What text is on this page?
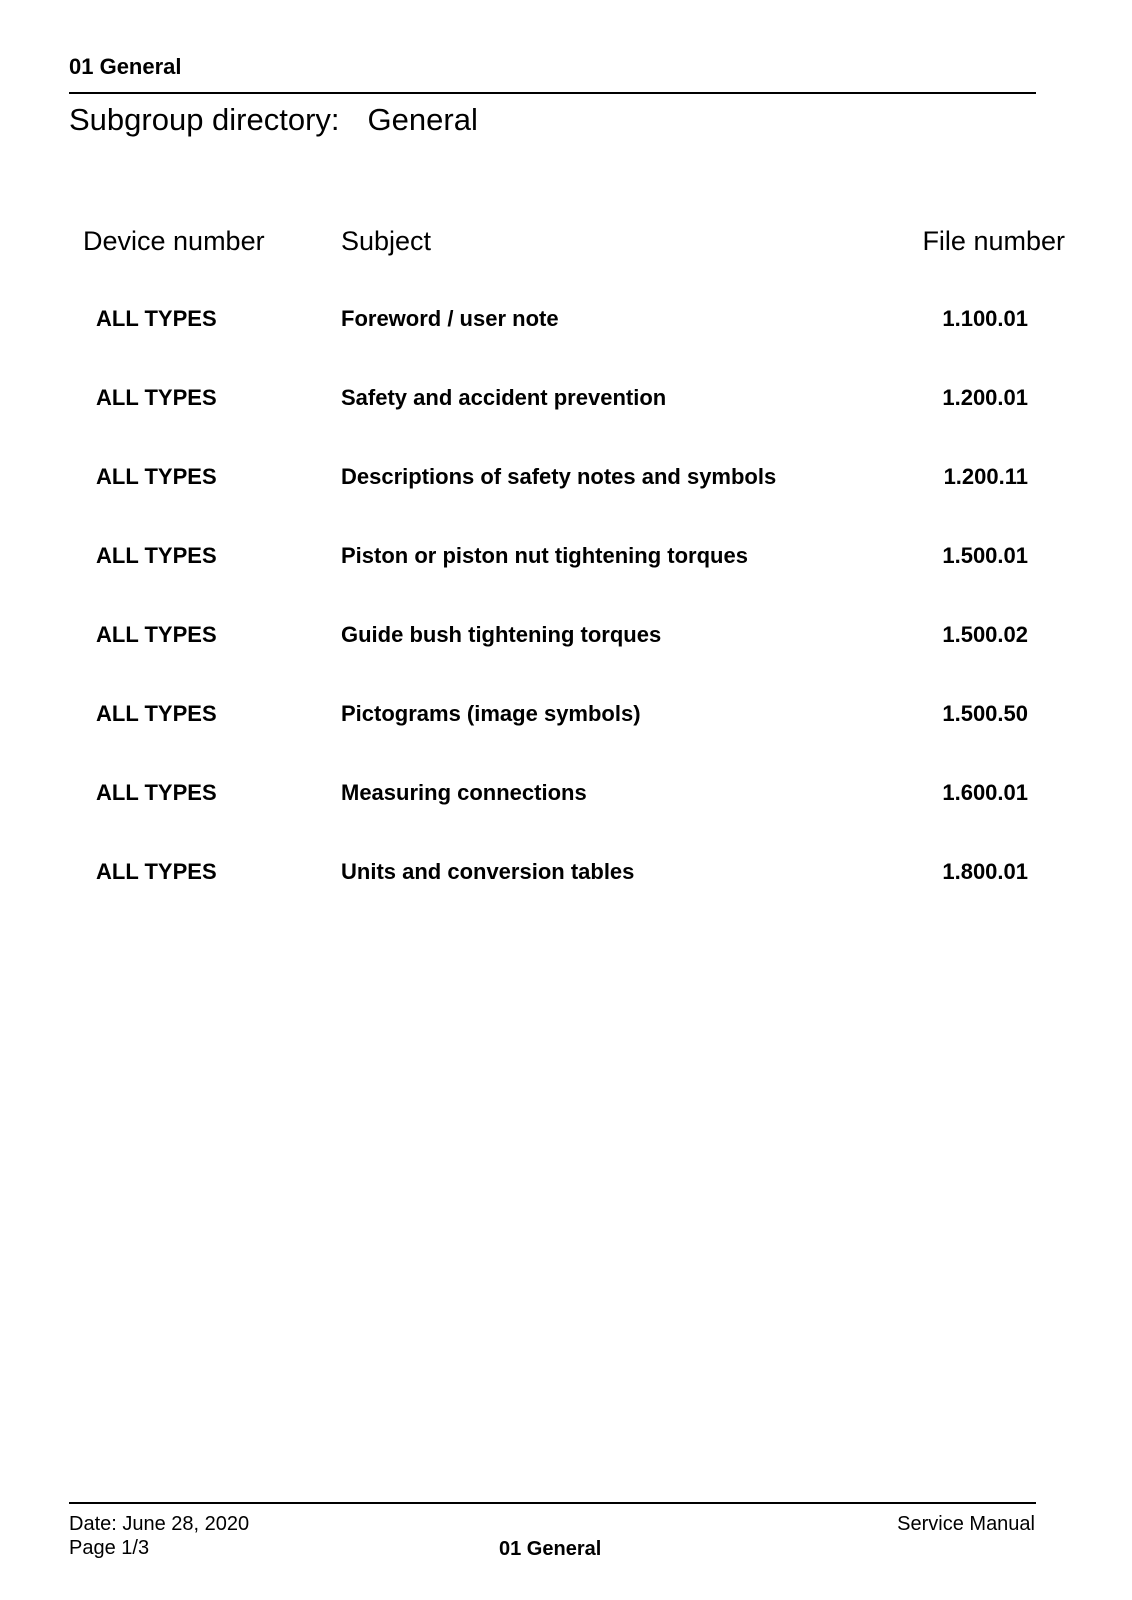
01 General
Subgroup directory: General
Device number	Subject	File number
ALL TYPES	Foreword / user note	1.100.01
ALL TYPES	Safety and accident prevention	1.200.01
ALL TYPES	Descriptions of safety notes and symbols	1.200.11
ALL TYPES	Piston or piston nut tightening torques	1.500.01
ALL TYPES	Guide bush tightening torques	1.500.02
ALL TYPES	Pictograms (image symbols)	1.500.50
ALL TYPES	Measuring connections	1.600.01
ALL TYPES	Units and conversion tables	1.800.01
Date: June 28, 2020
Page 1/3	01 General
Service Manual
